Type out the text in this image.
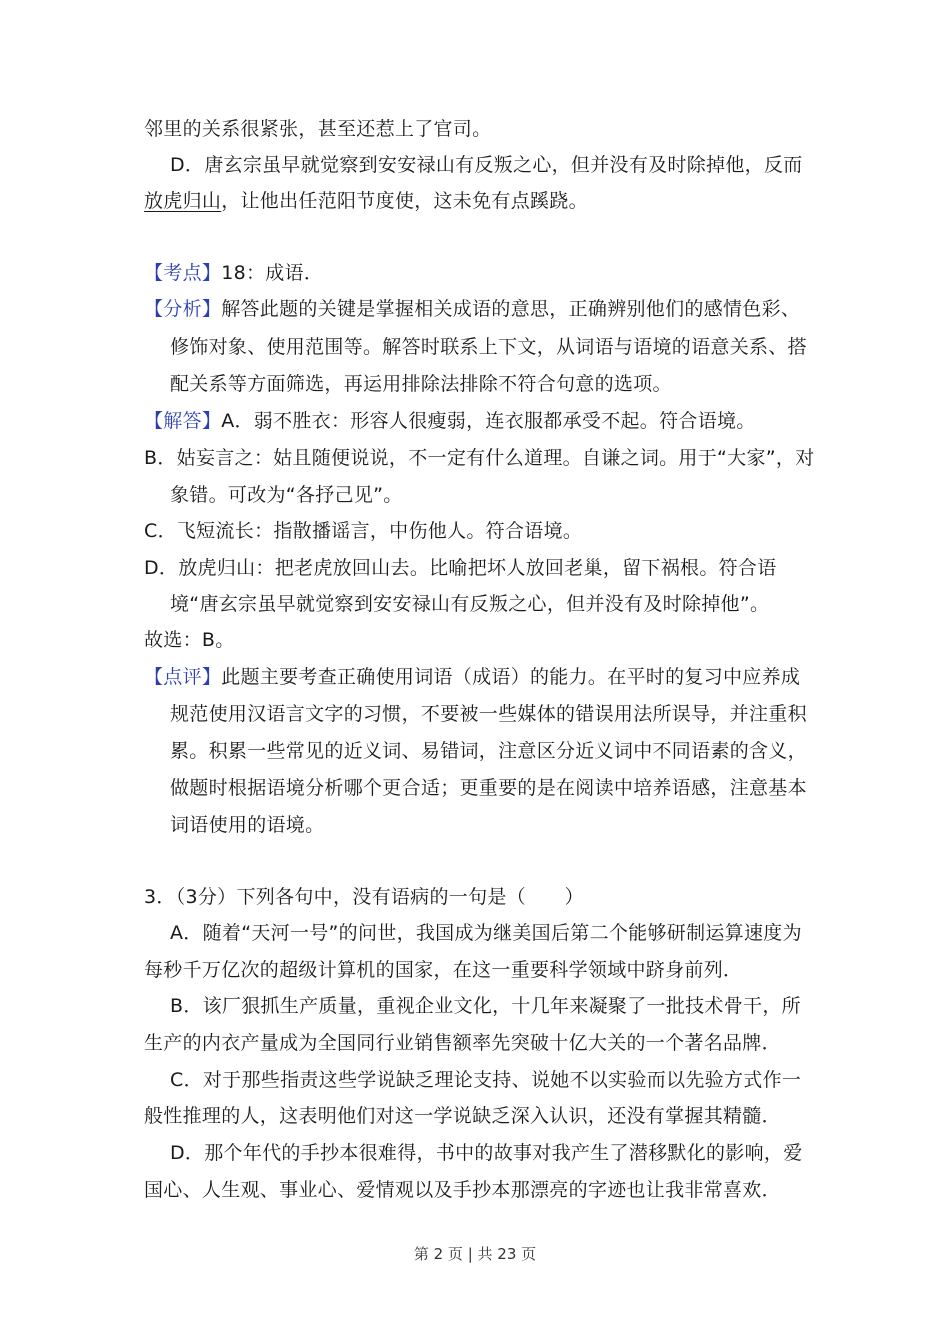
邻里的关系很紧张，甚至还惹上了官司。
D．唐玄宗虽早就觉察到安安禄山有反叛之心，但并没有及时除掉他，反而
放虎归山，让他出任范阳节度使，这未免有点蹊跷。
【考点】18：成语．
【分析】解答此题的关键是掌握相关成语的意思，正确辨别他们的感情色彩、
修饰对象、使用范围等。解答时联系上下文，从词语与语境的语意关系、搭
配关系等方面筛选，再运用排除法排除不符合句意的选项。
【解答】A．弱不胜衣：形容人很瘦弱，连衣服都承受不起。符合语境。
B．姑妄言之：姑且随便说说，不一定有什么道理。自谦之词。用于“大家”，对
象错。可改为“各抒己见”。
C．飞短流长：指散播谣言，中伤他人。符合语境。
D．放虎归山：把老虎放回山去。比喻把坏人放回老巢，留下祸根。符合语
境“唐玄宗虽早就觉察到安安禄山有反叛之心，但并没有及时除掉他”。
故选：B。
【点评】此题主要考查正确使用词语（成语）的能力。在平时的复习中应养成
规范使用汉语言文字的习惯，不要被一些媒体的错误用法所误导，并注重积
累。积累一些常见的近义词、易错词，注意区分近义词中不同语素的含义，
做题时根据语境分析哪个更合适；更重要的是在阅读中培养语感，注意基本
词语使用的语境。
3．（3分）下列各句中，没有语病的一句是（　　）
A．随着“天河一号”的问世，我国成为继美国后第二个能够研制运算速度为
每秒千万亿次的超级计算机的国家，在这一重要科学领域中跻身前列．
B．该厂狠抓生产质量，重视企业文化，十几年来凝聚了一批技术骨干，所
生产的内衣产量成为全国同行业销售额率先突破十亿大关的一个著名品牌．
C．对于那些指责这些学说缺乏理论支持、说她不以实验而以先验方式作一
般性推理的人，这表明他们对这一学说缺乏深入认识，还没有掌握其精髓．
D．那个年代的手抄本很难得，书中的故事对我产生了潜移默化的影响，爱
国心、人生观、事业心、爱情观以及手抄本那漂亮的字迹也让我非常喜欢．
第 2 页 | 共 23 页
